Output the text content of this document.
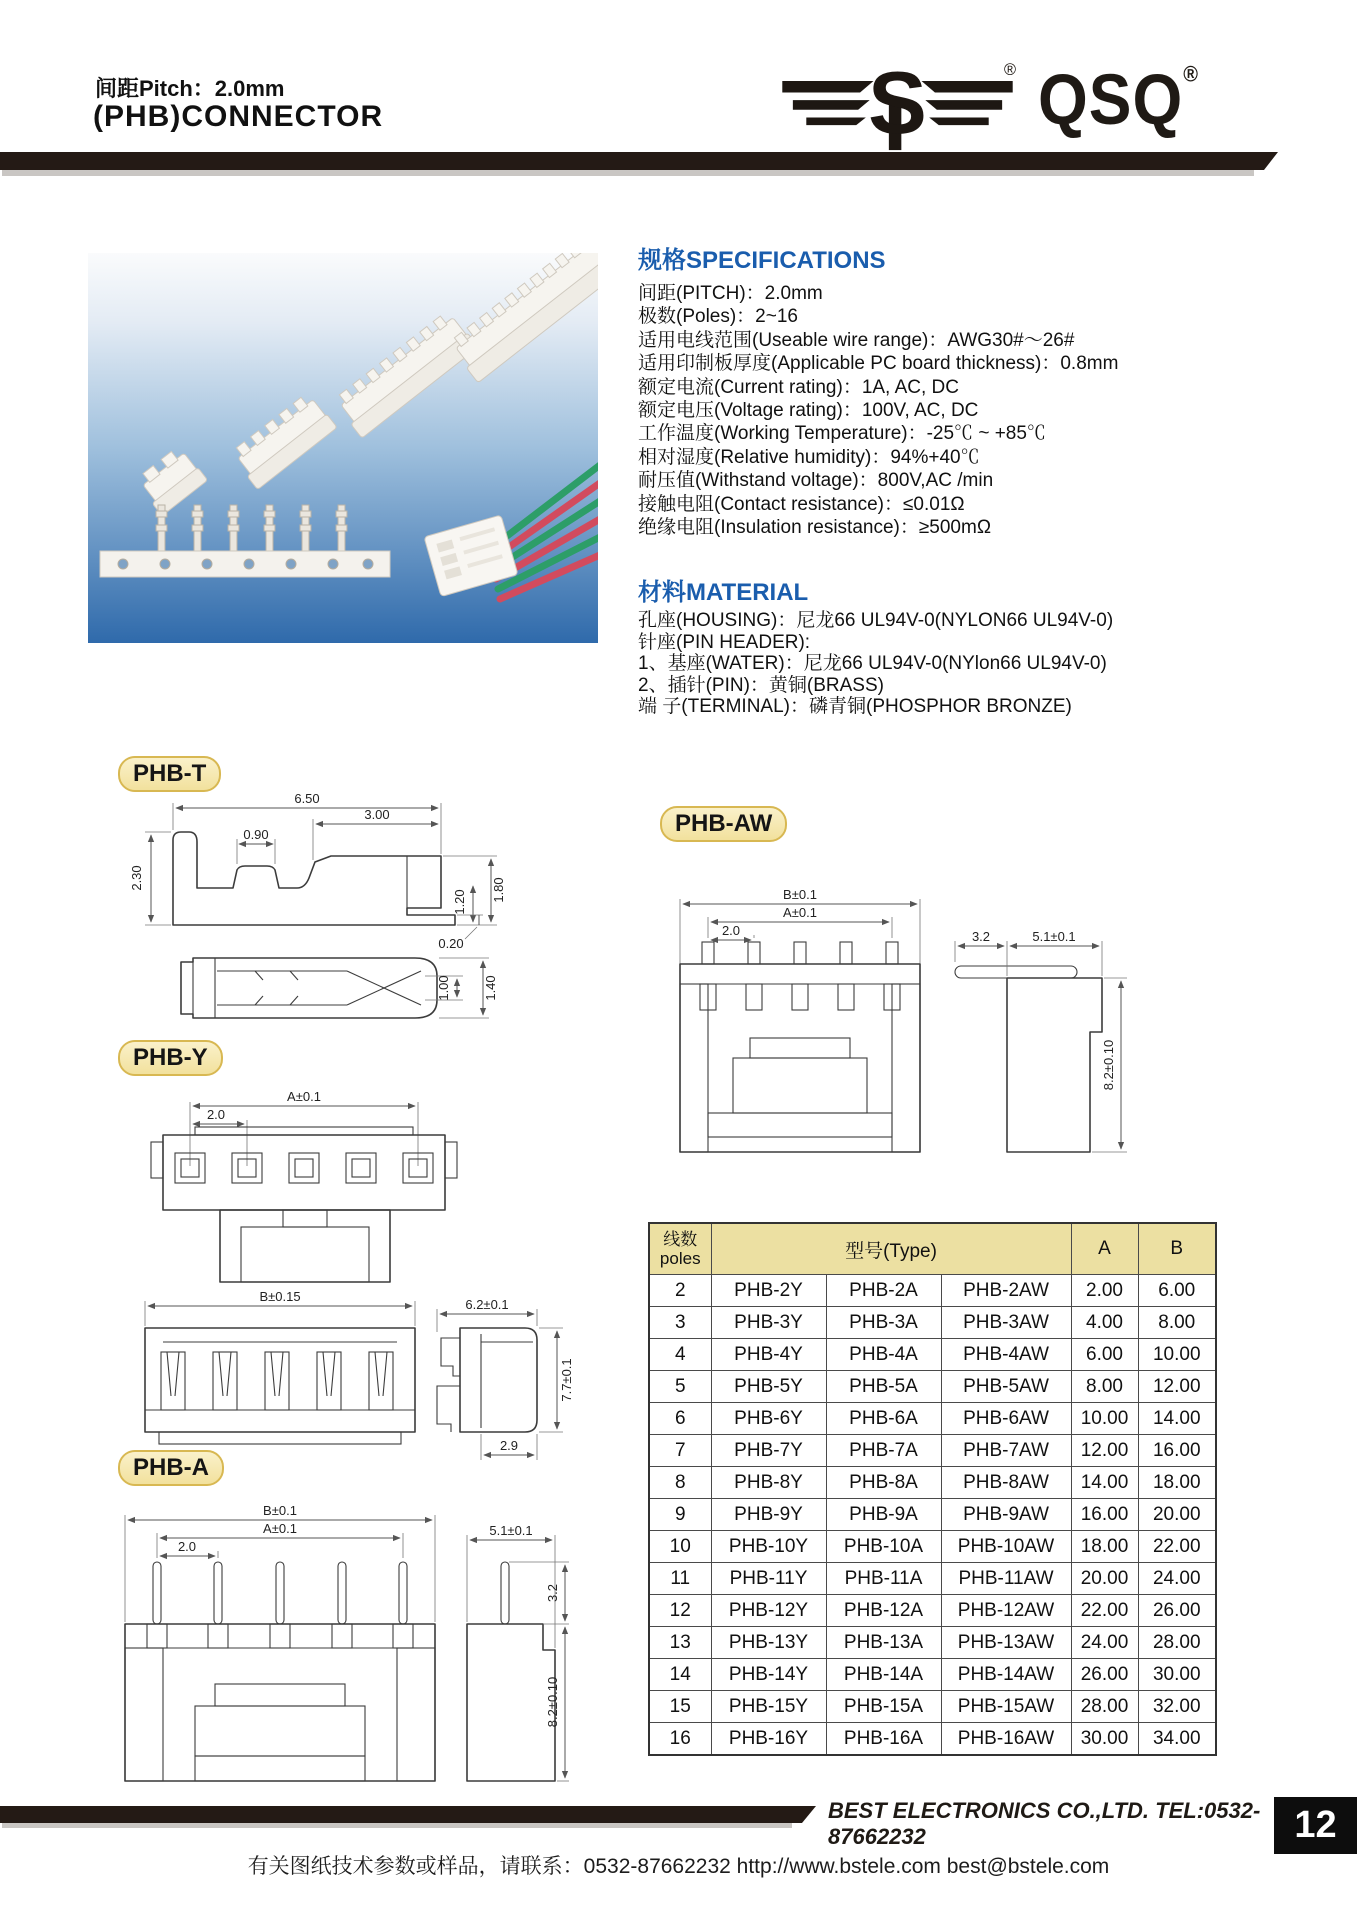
间距Pitch：2.0mm
(PHB)CONNECTOR	S	® QSQ®
规格SPECIFICATIONS
间距(PITCH)：2.0mm
极数(Poles)：2~16
适用电线范围(Useable wire range)：AWG30#～26#
适用印制板厚度(Applicable PC board thickness)：0.8mm
额定电流(Current rating)：1A, AC, DC
额定电压(Voltage rating)：100V, AC, DC
工作温度(Working Temperature)：-25℃ ~ +85℃
相对湿度(Relative humidity)：94%+40℃
耐压值(Withstand voltage)：800V,AC /min
接触电阻(Contact resistance)：≤0.01Ω
绝缘电阻(Insulation resistance)：≥500mΩ
材料MATERIAL
孔座(HOUSING)：尼龙66 UL94V-0(NYLON66 UL94V-0)
针座(PIN HEADER):
1、基座(WATER)：尼龙66 UL94V-0(NYlon66 UL94V-0)
2、插针(PIN)：黄铜(BRASS)
端 子(TERMINAL)：磷青铜(PHOSPHOR BRONZE)
PHB-T
6.50
3.00
0.90
2.30	1.80
1.20
0.20
1.00 1.40
PHB-Y
A±0.1
2.0
B±0.15
6.2±0.1
7.7±0.1
2.9
PHB-A
B±0.1
A±0.1
2.0
5.1±0.1
3.2
8.2±0.10
PHB-AW
B±0.1
A±0.1
2.0	3.2	5.1±0.1
8.2±0.10
线数
poles	型号(Type)			A	B
2	PHB-2Y	PHB-2A	PHB-2AW	2.00	6.00
3	PHB-3Y	PHB-3A	PHB-3AW	4.00	8.00
4	PHB-4Y	PHB-4A	PHB-4AW	6.00	10.00
5	PHB-5Y	PHB-5A	PHB-5AW	8.00	12.00
6	PHB-6Y	PHB-6A	PHB-6AW	10.00	14.00
7	PHB-7Y	PHB-7A	PHB-7AW	12.00	16.00
8	PHB-8Y	PHB-8A	PHB-8AW	14.00	18.00
9	PHB-9Y	PHB-9A	PHB-9AW	16.00	20.00
10	PHB-10Y	PHB-10A	PHB-10AW	18.00	22.00
11	PHB-11Y	PHB-11A	PHB-11AW	20.00	24.00
12	PHB-12Y	PHB-12A	PHB-12AW	22.00	26.00
13	PHB-13Y	PHB-13A	PHB-13AW	24.00	28.00
14	PHB-14Y	PHB-14A	PHB-14AW	26.00	30.00
15	PHB-15Y	PHB-15A	PHB-15AW	28.00	32.00
16	PHB-16Y	PHB-16A	PHB-16AW	30.00	34.00
BEST ELECTRONICS CO.,LTD. TEL:0532-87662232	12
有关图纸技术参数或样品，请联系：0532-87662232 http://www.bstele.com best@bstele.com
